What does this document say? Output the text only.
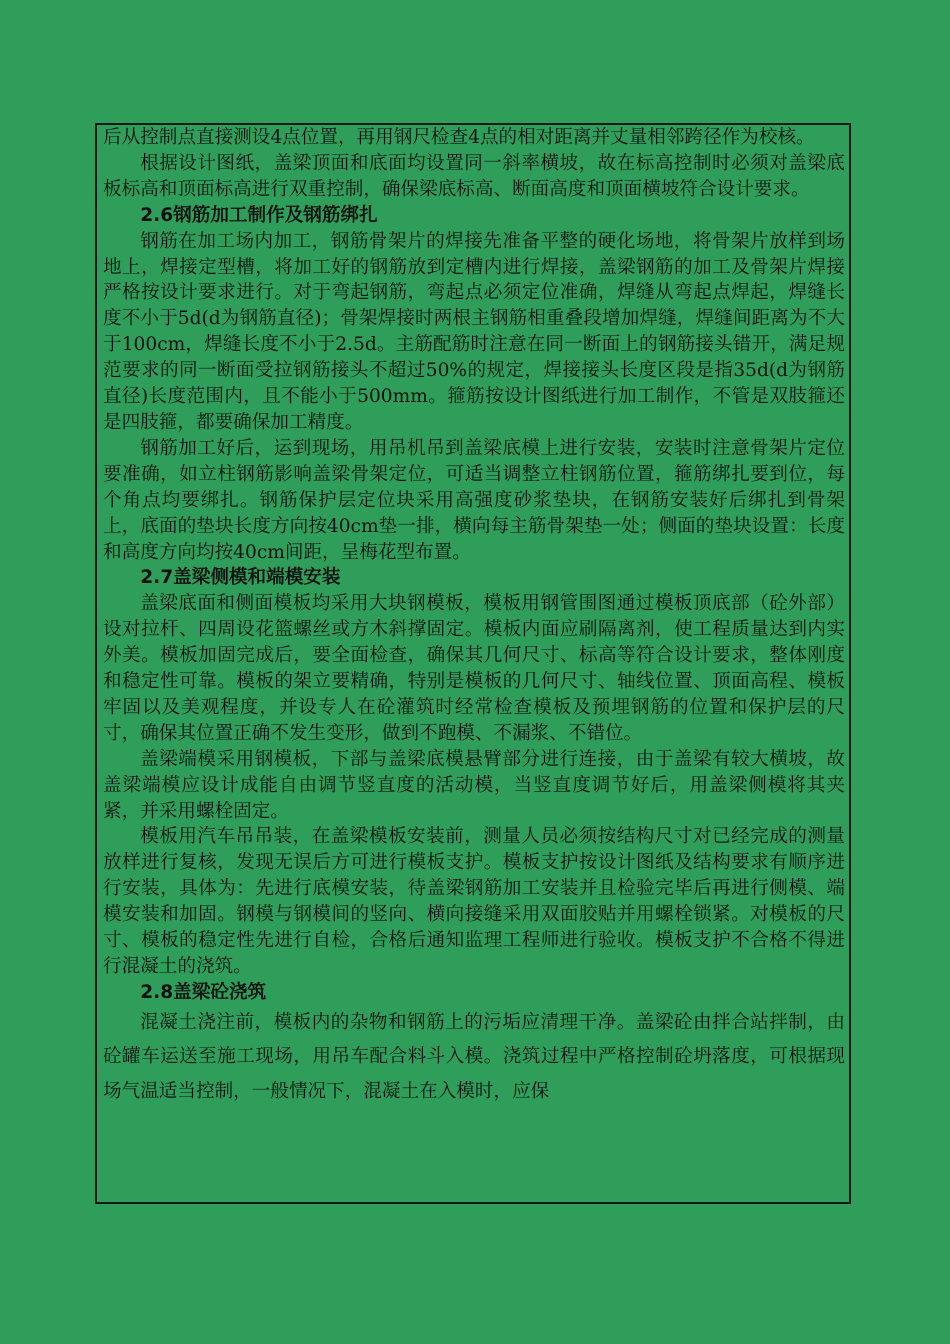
后从控制点直接测设4点位置，再用钢尺检查4点的相对距离并丈量相邻跨径作为校核。

根据设计图纸，盖梁顶面和底面均设置同一斜率横坡，故在标高控制时必须对盖梁底板标高和顶面标高进行双重控制，确保梁底标高、断面高度和顶面横坡符合设计要求。

2.6钢筋加工制作及钢筋绑扎

钢筋在加工场内加工，钢筋骨架片的焊接先准备平整的硬化场地，将骨架片放样到场地上，焊接定型槽，将加工好的钢筋放到定槽内进行焊接，盖梁钢筋的加工及骨架片焊接严格按设计要求进行。对于弯起钢筋，弯起点必须定位准确，焊缝从弯起点焊起，焊缝长度不小于5d(d为钢筋直径)；骨架焊接时两根主钢筋相重叠段增加焊缝，焊缝间距离为不大于100cm，焊缝长度不小于2.5d。主筋配筋时注意在同一断面上的钢筋接头错开，满足规范要求的同一断面受拉钢筋接头不超过50%的规定，焊接接头长度区段是指35d(d为钢筋直径)长度范围内，且不能小于500mm。箍筋按设计图纸进行加工制作，不管是双肢箍还是四肢箍，都要确保加工精度。

钢筋加工好后，运到现场，用吊机吊到盖梁底模上进行安装，安装时注意骨架片定位要准确，如立柱钢筋影响盖梁骨架定位，可适当调整立柱钢筋位置，箍筋绑扎要到位，每个角点均要绑扎。钢筋保护层定位块采用高强度砂浆垫块，在钢筋安装好后绑扎到骨架上，底面的垫块长度方向按40cm垫一排，横向每主筋骨架垫一处；侧面的垫块设置：长度和高度方向均按40cm间距，呈梅花型布置。

2.7盖梁侧模和端模安装

盖梁底面和侧面模板均采用大块钢模板，模板用钢管围图通过模板顶底部（砼外部）设对拉杆、四周设花篮螺丝或方木斜撑固定。模板内面应刷隔离剂，使工程质量达到内实外美。模板加固完成后，要全面检查，确保其几何尺寸、标高等符合设计要求，整体刚度和稳定性可靠。模板的架立要精确，特别是模板的几何尺寸、轴线位置、顶面高程、模板牢固以及美观程度，并设专人在砼灌筑时经常检查模板及预埋钢筋的位置和保护层的尺寸，确保其位置正确不发生变形，做到不跑模、不漏浆、不错位。

盖梁端模采用钢模板，下部与盖梁底模悬臂部分进行连接，由于盖梁有较大横坡，故盖梁端模应设计成能自由调节竖直度的活动模，当竖直度调节好后，用盖梁侧模将其夹紧，并采用螺栓固定。

模板用汽车吊吊装，在盖梁模板安装前，测量人员必须按结构尺寸对已经完成的测量放样进行复核，发现无误后方可进行模板支护。模板支护按设计图纸及结构要求有顺序进行安装，具体为：先进行底模安装，待盖梁钢筋加工安装并且检验完毕后再进行侧模、端模安装和加固。钢模与钢模间的竖向、横向接缝采用双面胶贴并用螺栓锁紧。对模板的尺寸、模板的稳定性先进行自检，合格后通知监理工程师进行验收。模板支护不合格不得进行混凝土的浇筑。

2.8盖梁砼浇筑

混凝土浇注前，模板内的杂物和钢筋上的污垢应清理干净。盖梁砼由拌合站拌制，由砼罐车运送至施工现场，用吊车配合料斗入模。浇筑过程中严格控制砼坍落度，可根据现场气温适当控制，一般情况下，混凝土在入模时，应保
